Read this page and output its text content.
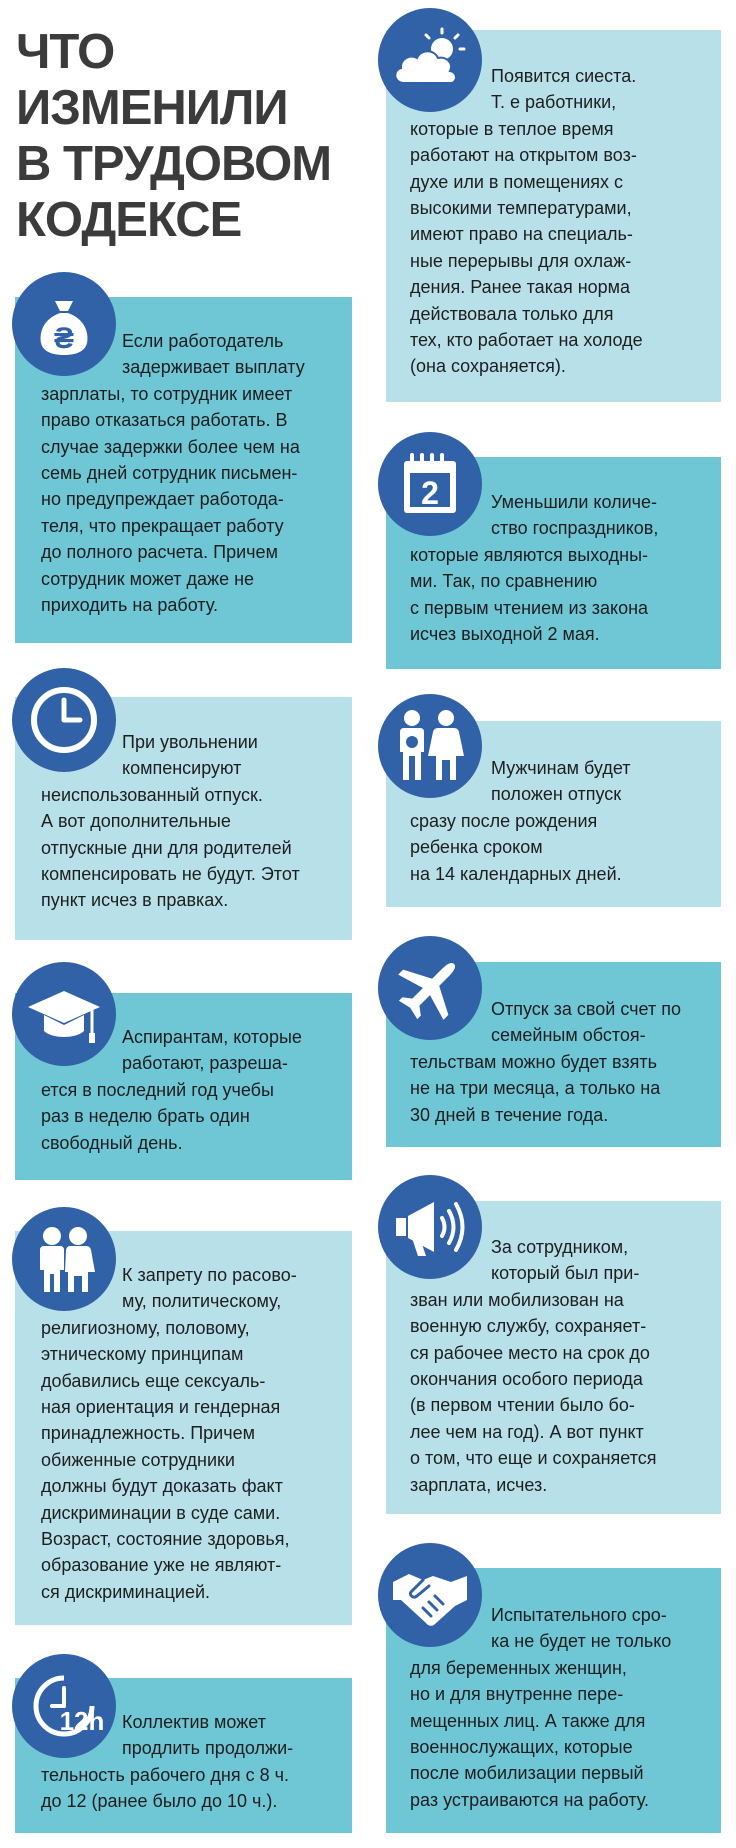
ЧТО
ИЗМЕНИЛИ
В ТРУДОВОМ
КОДЕКСЕ
₴	Если работодатель
задерживает выплату
зарплаты, то сотрудник имеет
право отказаться работать. В
случае задержки более чем на
семь дней сотрудник письмен-
но предупреждает работода-
теля, что прекращает работу
до полного расчета. Причем
сотрудник может даже не
приходить на работу.

При увольнении
компенсируют
неиспользованный отпуск.
А вот дополнительные
отпускные дни для родителей
компенсировать не будут. Этот
пункт исчез в правках.

Аспирантам, которые
работают, разреша-
ется в последний год учебы
раз в неделю брать один
свободный день.

К запрету по расово-
му, политическому,
религиозному, половому,
этническому принципам
добавились еще сексуаль-
ная ориентация и гендерная
принадлежность. Причем
обиженные сотрудники
должны будут доказать факт
дискриминации в суде сами.
Возраст, состояние здоровья,
образование уже не являют-
ся дискриминацией.

12h Коллектив может
продлить продолжи-
тельность рабочего дня с 8 ч.
до 12 (ранее было до 10 ч.).

Появится сиеста.
Т. е работники,
которые в теплое время
работают на открытом воз-
духе или в помещениях с
высокими температурами,
имеют право на специаль-
ные перерывы для охлаж-
дения. Ранее такая норма
действовала только для
тех, кто работает на холоде
(она сохраняется).

2	Уменьшили количе-
ство госпраздников,
которые являются выходны-
ми. Так, по сравнению
с первым чтением из закона
исчез выходной 2 мая.

Мужчинам будет
положен отпуск
сразу после рождения
ребенка сроком
на 14 календарных дней.

Отпуск за свой счет по
семейным обстоя-
тельствам можно будет взять
не на три месяца, а только на
30 дней в течение года.

За сотрудником,
который был при-
зван или мобилизован на
военную службу, сохраняет-
ся рабочее место на срок до
окончания особого периода
(в первом чтении было бо-
лее чем на год). А вот пункт
о том, что еще и сохраняется
зарплата, исчез.

Испытательного сро-
ка не будет не только
для беременных женщин,
но и для внутренне пере-
мещенных лиц. А также для
военнослужащих, которые
после мобилизации первый
раз устраиваются на работу.
